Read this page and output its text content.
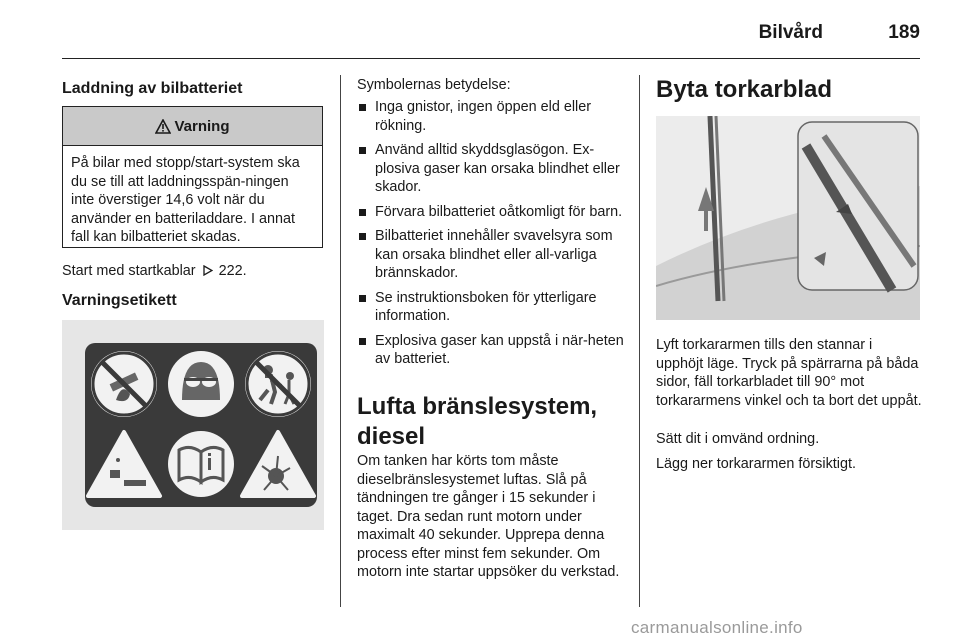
Bilvård	189
Laddning av bilbatteriet
Varning
På bilar med stopp/start-system ska du se till att laddningsspän-ningen inte överstiger 14,6 volt när du använder en batteriladdare. I annat fall kan bilbatteriet skadas.
Start med startkablar 222.
Varningsetikett
Symbolernas betydelse:
Inga gnistor, ingen öppen eld eller rökning.
Använd alltid skyddsglasögon. Ex-plosiva gaser kan orsaka blindhet eller skador.
Förvara bilbatteriet oåtkomligt för barn.
Bilbatteriet innehåller svavelsyra som kan orsaka blindhet eller all-varliga brännskador.
Se instruktionsboken för ytterligare information.
Explosiva gaser kan uppstå i när-heten av batteriet.
Lufta bränslesystem, diesel
Om tanken har körts tom måste dieselbränslesystemet luftas. Slå på tändningen tre gånger i 15 sekunder i taget. Dra sedan runt motorn under maximalt 40 sekunder. Upprepa denna process efter minst fem sekunder. Om motorn inte startar uppsöker du verkstad.
Byta torkarblad
Lyft torkararmen tills den stannar i upphöjt läge. Tryck på spärrarna på båda sidor, fäll torkarbladet till 90° mot torkararmens vinkel och ta bort det uppåt.
Sätt dit i omvänd ordning.
Lägg ner torkararmen försiktigt.
carmanualsonline.info
